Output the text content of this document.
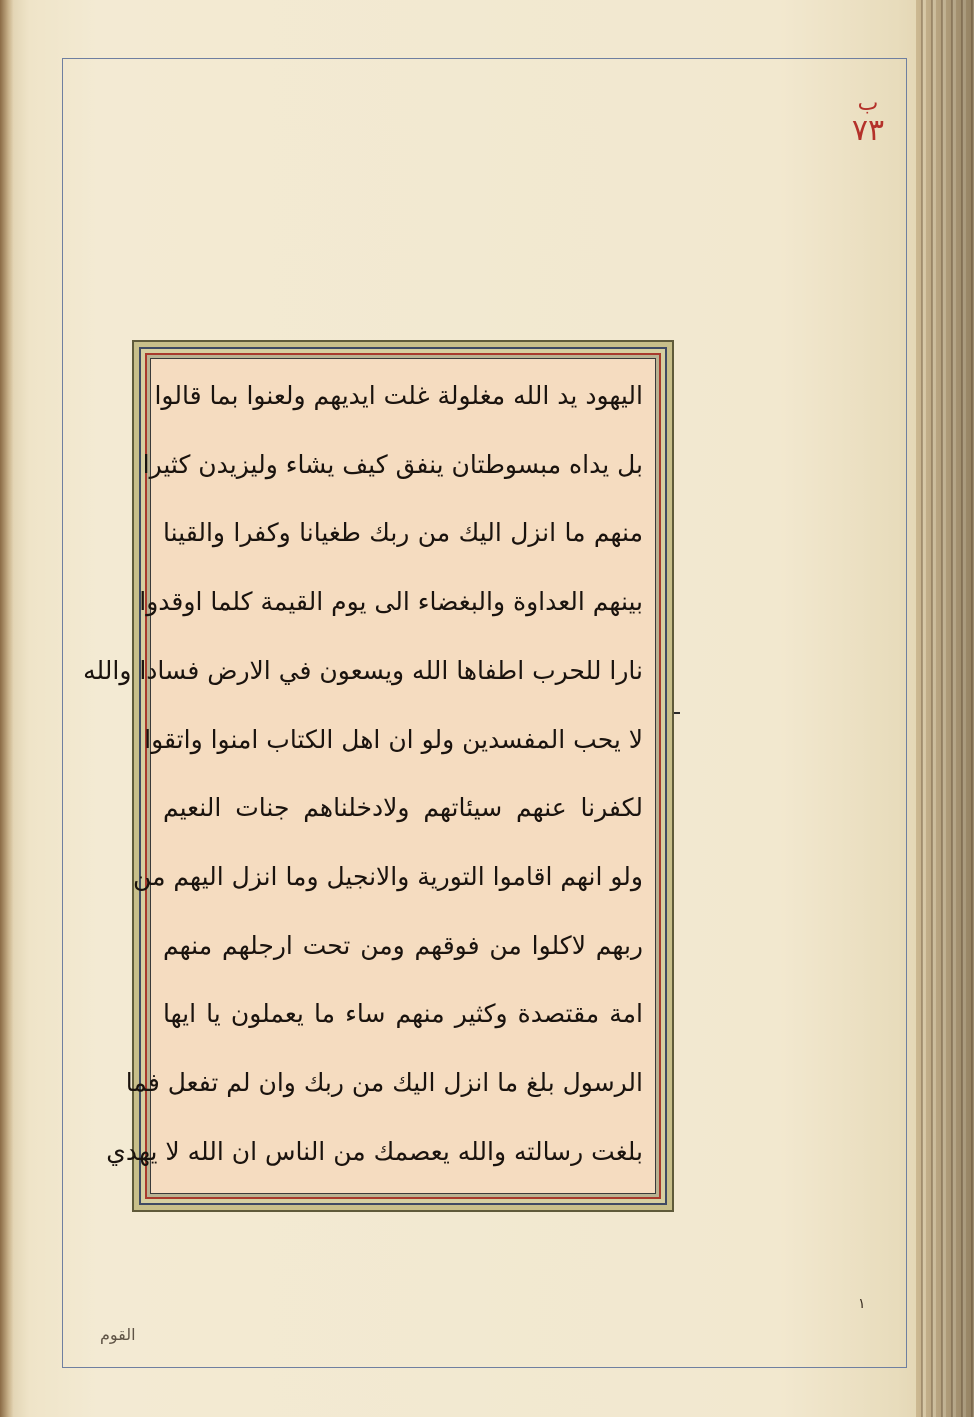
ب
٧٣
اليهود يد الله مغلولة غلت ايديهم ولعنوا بما قالوا
بل يداه مبسوطتان ينفق كيف يشاء وليزيدن كثيرا
منهم ما انزل اليك من ربك طغيانا وكفرا والقينا
بينهم العداوة والبغضاء الى يوم القيمة كلما اوقدوا
نارا للحرب اطفاها الله ويسعون في الارض فسادا والله
لا يحب المفسدين ولو ان اهل الكتاب امنوا واتقوا
لكفرنا عنهم سيئاتهم ولادخلناهم جنات النعيم
ولو انهم اقاموا التورية والانجيل وما انزل اليهم من
ربهم لاكلوا من فوقهم ومن تحت ارجلهم منهم
امة مقتصدة وكثير منهم ساء ما يعملون يا ايها
الرسول بلغ ما انزل اليك من ربك وان لم تفعل فما
بلغت رسالته والله يعصمك من الناس ان الله لا يهدي
القوم
١
